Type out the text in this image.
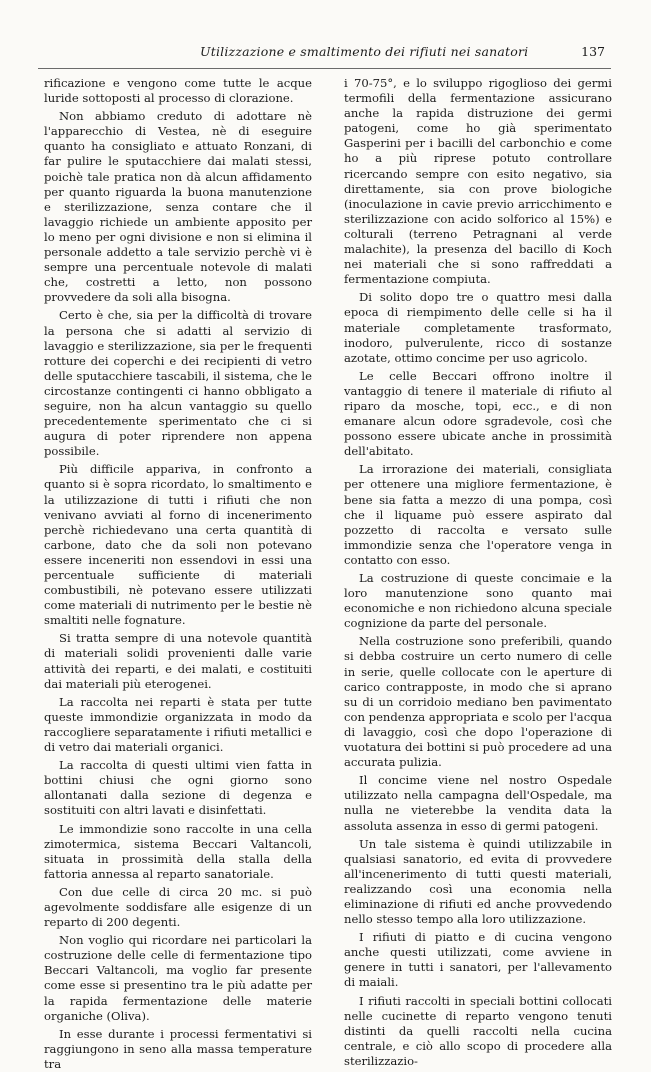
Utilizzazione e smaltimento dei rifiuti nei sanatori	137

rificazione e vengono come tutte le acque luride sottoposti al processo di clorazione.

Non abbiamo creduto di adottare nè l'apparecchio di Vestea, nè di eseguire quanto ha consigliato e attuato Ronzani, di far pulire le sputacchiere dai malati stessi, poichè tale pratica non dà alcun affidamento per quanto riguarda la buona manutenzione e sterilizzazione, senza contare che il lavaggio richiede un ambiente apposito per lo meno per ogni divisione e non si elimina il personale addetto a tale servizio perchè vi è sempre una percentuale notevole di malati che, costretti a letto, non possono provvedere da soli alla bisogna.

Certo è che, sia per la difficoltà di trovare la persona che si adatti al servizio di lavaggio e sterilizzazione, sia per le frequenti rotture dei coperchi e dei recipienti di vetro delle sputacchiere tascabili, il sistema, che le circostanze contingenti ci hanno obbligato a seguire, non ha alcun vantaggio su quello precedentemente sperimentato che ci si augura di poter riprendere non appena possibile.

Più difficile appariva, in confronto a quanto si è sopra ricordato, lo smaltimento e la utilizzazione di tutti i rifiuti che non venivano avviati al forno di incenerimento perchè richiedevano una certa quantità di carbone, dato che da soli non potevano essere inceneriti non essendovi in essi una percentuale sufficiente di materiali combustibili, nè potevano essere utilizzati come materiali di nutrimento per le bestie nè smaltiti nelle fognature.

Si tratta sempre di una notevole quantità di materiali solidi provenienti dalle varie attività dei reparti, e dei malati, e costituiti dai materiali più eterogenei.

La raccolta nei reparti è stata per tutte queste immondizie organizzata in modo da raccogliere separatamente i rifiuti metallici e di vetro dai materiali organici.

La raccolta di questi ultimi vien fatta in bottini chiusi che ogni giorno sono allontanati dalla sezione di degenza e sostituiti con altri lavati e disinfettati.

Le immondizie sono raccolte in una cella zimotermica, sistema Beccari Valtancoli, situata in prossimità della stalla della fattoria annessa al reparto sanatoriale.

Con due celle di circa 20 mc. si può agevolmente soddisfare alle esigenze di un reparto di 200 degenti.

Non voglio qui ricordare nei particolari la costruzione delle celle di fermentazione tipo Beccari Valtancoli, ma voglio far presente come esse si presentino tra le più adatte per la rapida fermentazione delle materie organiche (Oliva).

In esse durante i processi fermentativi si raggiungono in seno alla massa temperature tra

i 70-75°, e lo sviluppo rigoglioso dei germi termofili della fermentazione assicurano anche la rapida distruzione dei germi patogeni, come ho già sperimentato Gasperini per i bacilli del carbonchio e come ho a più riprese potuto controllare ricercando sempre con esito negativo, sia direttamente, sia con prove biologiche (inoculazione in cavie previo arricchimento e sterilizzazione con acido solforico al 15%) e colturali (terreno Petragnani al verde malachite), la presenza del bacillo di Koch nei materiali che si sono raffreddati a fermentazione compiuta.

Di solito dopo tre o quattro mesi dalla epoca di riempimento delle celle si ha il materiale completamente trasformato, inodoro, pulverulente, ricco di sostanze azotate, ottimo concime per uso agricolo.

Le celle Beccari offrono inoltre il vantaggio di tenere il materiale di rifiuto al riparo da mosche, topi, ecc., e di non emanare alcun odore sgradevole, così che possono essere ubicate anche in prossimità dell'abitato.

La irrorazione dei materiali, consigliata per ottenere una migliore fermentazione, è bene sia fatta a mezzo di una pompa, così che il liquame può essere aspirato dal pozzetto di raccolta e versato sulle immondizie senza che l'operatore venga in contatto con esso.

La costruzione di queste concimaie e la loro manutenzione sono quanto mai economiche e non richiedono alcuna speciale cognizione da parte del personale.

Nella costruzione sono preferibili, quando si debba costruire un certo numero di celle in serie, quelle collocate con le aperture di carico contrapposte, in modo che si aprano su di un corridoio mediano ben pavimentato con pendenza appropriata e scolo per l'acqua di lavaggio, così che dopo l'operazione di vuotatura dei bottini si può procedere ad una accurata pulizia.

Il concime viene nel nostro Ospedale utilizzato nella campagna dell'Ospedale, ma nulla ne vieterebbe la vendita data la assoluta assenza in esso di germi patogeni.

Un tale sistema è quindi utilizzabile in qualsiasi sanatorio, ed evita di provvedere all'incenerimento di tutti questi materiali, realizzando così una economia nella eliminazione di rifiuti ed anche provvedendo nello stesso tempo alla loro utilizzazione.

I rifiuti di piatto e di cucina vengono anche questi utilizzati, come avviene in genere in tutti i sanatori, per l'allevamento di maiali.

I rifiuti raccolti in speciali bottini collocati nelle cucinette di reparto vengono tenuti distinti da quelli raccolti nella cucina centrale, e ciò allo scopo di procedere alla sterilizzazio-
